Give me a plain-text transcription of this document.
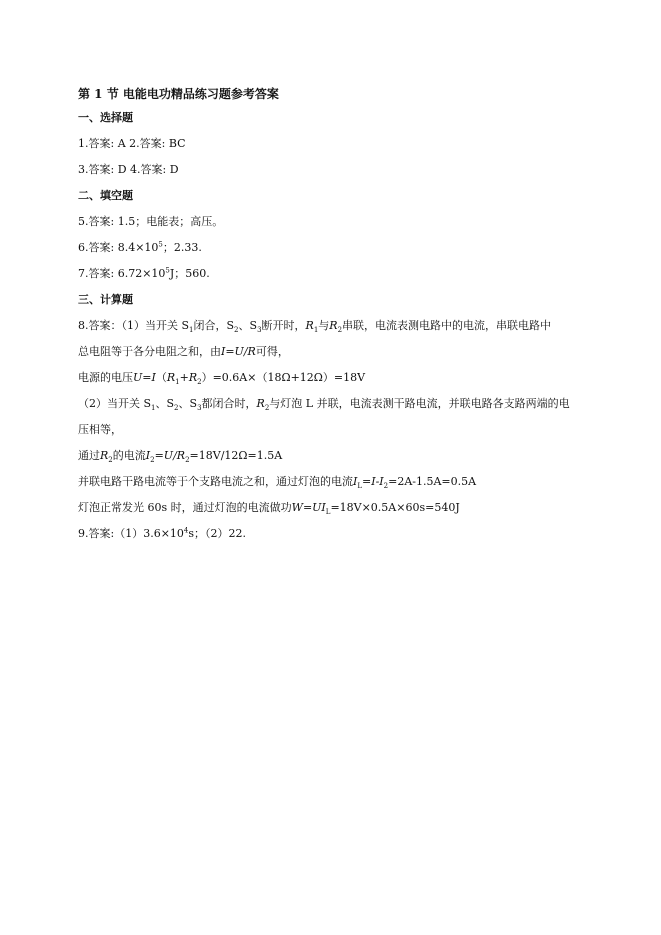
第 1 节 电能电功精品练习题参考答案
一、选择题
1.答案: A 2.答案: BC
3.答案: D 4.答案: D
二、填空题
5.答案: 1.5；电能表；高压。
6.答案: $8.4\times 10^5$；2.33.
7.答案: $6.72\times 10^5J$；560.
三、计算题
8.答案：（1）当开关 $S_1$闭合，$S_2$、$S_3$断开时，$R_1$与$R_2$串联，电流表测电路中的电流，串联电路中
总电阻等于各分电阻之和，由I=U/R可得，
电源的电压$U=I(R_1+R_2)=0.6A\times(18\Omega+12\Omega)=18V$
（2）当开关 $S_1$、$S_2$、$S_3$都闭合时，$R_2$与灯泡 L 并联，电流表测干路电流，并联电路各支路两端的电
压相等，
通过$R_2$的电流$I_2=U/R_2=18V/12\Omega=1.5A$
并联电路干路电流等于个支路电流之和，通过灯泡的电流$I_L=I-I_2=2A-1.5A=0.5A$
灯泡正常发光 60s 时，通过灯泡的电流做功$W=UI_L=18V\times 0.5A\times 60s=540J$
9.答案$:(1)3.6\times 10^4s$；（2）22.
